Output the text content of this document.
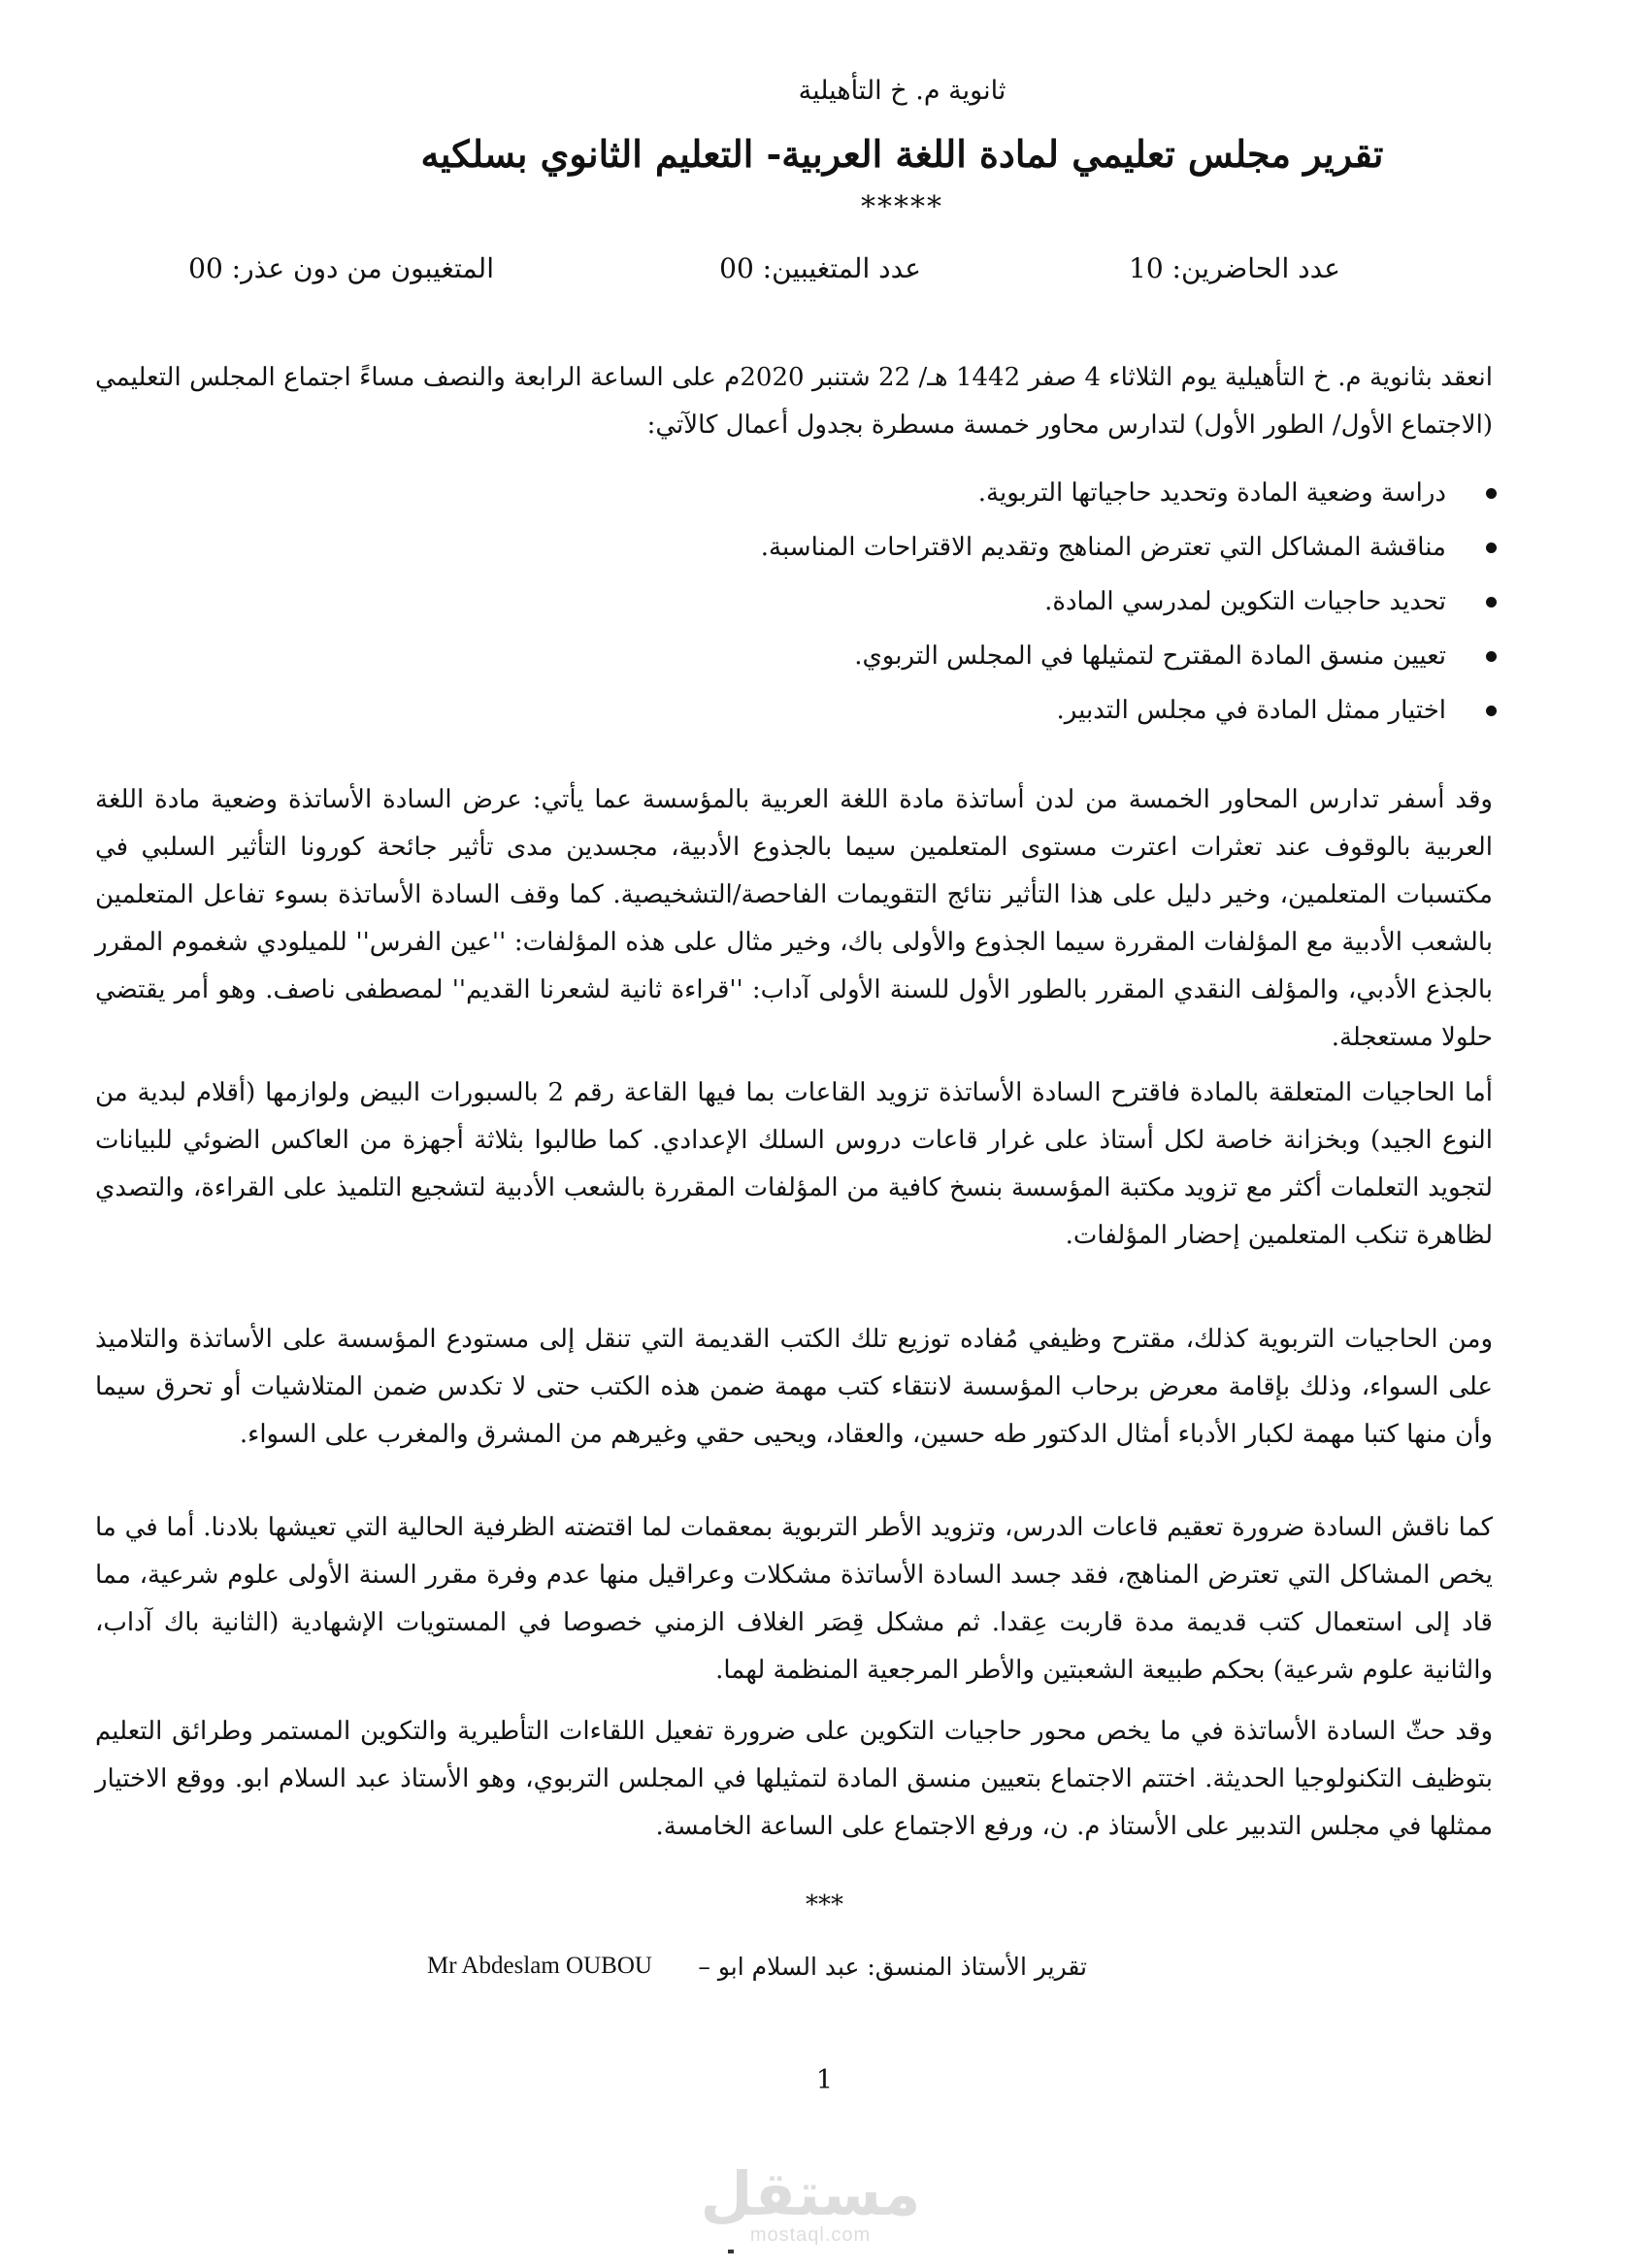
ثانوية م. خ التأهيلية
تقرير مجلس تعليمي لمادة اللغة العربية- التعليم الثانوي بسلكيه
*****
عدد الحاضرين: 10
عدد المتغيبين: 00
المتغيبون من دون عذر: 00
انعقد بثانوية م. خ التأهيلية يوم الثلاثاء 4 صفر 1442 هـ/ 22 شتنبر 2020م على الساعة الرابعة والنصف مساءً اجتماع المجلس التعليمي (الاجتماع الأول/ الطور الأول) لتدارس محاور خمسة مسطرة بجدول أعمال كالآتي:
دراسة وضعية المادة وتحديد حاجياتها التربوية.
مناقشة المشاكل التي تعترض المناهج وتقديم الاقتراحات المناسبة.
تحديد حاجيات التكوين لمدرسي المادة.
تعيين منسق المادة المقترح لتمثيلها في المجلس التربوي.
اختيار ممثل المادة في مجلس التدبير.
وقد أسفر تدارس المحاور الخمسة من لدن أساتذة مادة اللغة العربية بالمؤسسة عما يأتي: عرض السادة الأساتذة وضعية مادة اللغة العربية بالوقوف عند تعثرات اعترت مستوى المتعلمين سيما بالجذوع الأدبية، مجسدين مدى تأثير جائحة كورونا التأثير السلبي في مكتسبات المتعلمين، وخير دليل على هذا التأثير نتائج التقويمات الفاحصة/التشخيصية. كما وقف السادة الأساتذة بسوء تفاعل المتعلمين بالشعب الأدبية مع المؤلفات المقررة سيما الجذوع والأولى باك، وخير مثال على هذه المؤلفات: ''عين الفرس'' للميلودي شغموم المقرر بالجذع الأدبي، والمؤلف النقدي المقرر بالطور الأول للسنة الأولى آداب: ''قراءة ثانية لشعرنا القديم'' لمصطفى ناصف. وهو أمر يقتضي حلولا مستعجلة.
أما الحاجيات المتعلقة بالمادة فاقترح السادة الأساتذة تزويد القاعات بما فيها القاعة رقم 2 بالسبورات البيض ولوازمها (أقلام لبدية من النوع الجيد) وبخزانة خاصة لكل أستاذ على غرار قاعات دروس السلك الإعدادي. كما طالبوا بثلاثة أجهزة من العاكس الضوئي للبيانات لتجويد التعلمات أكثر مع تزويد مكتبة المؤسسة بنسخ كافية من المؤلفات المقررة بالشعب الأدبية لتشجيع التلميذ على القراءة، والتصدي لظاهرة تنكب المتعلمين إحضار المؤلفات.
ومن الحاجيات التربوية كذلك، مقترح وظيفي مُفاده توزيع تلك الكتب القديمة التي تنقل إلى مستودع المؤسسة على الأساتذة والتلاميذ على السواء، وذلك بإقامة معرض برحاب المؤسسة لانتقاء كتب مهمة ضمن هذه الكتب حتى لا تكدس ضمن المتلاشيات أو تحرق سيما وأن منها كتبا مهمة لكبار الأدباء أمثال الدكتور طه حسين، والعقاد، ويحيى حقي وغيرهم من المشرق والمغرب على السواء.
كما ناقش السادة ضرورة تعقيم قاعات الدرس، وتزويد الأطر التربوية بمعقمات لما اقتضته الظرفية الحالية التي تعيشها بلادنا. أما في ما يخص المشاكل التي تعترض المناهج، فقد جسد السادة الأساتذة مشكلات وعراقيل منها عدم وفرة مقرر السنة الأولى علوم شرعية، مما قاد إلى استعمال كتب قديمة مدة قاربت عِقدا. ثم مشكل قِصَر الغلاف الزمني خصوصا في المستويات الإشهادية (الثانية باك آداب، والثانية علوم شرعية) بحكم طبيعة الشعبتين والأطر المرجعية المنظمة لهما.
وقد حثّ السادة الأساتذة في ما يخص محور حاجيات التكوين على ضرورة تفعيل اللقاءات التأطيرية والتكوين المستمر وطرائق التعليم بتوظيف التكنولوجيا الحديثة. اختتم الاجتماع بتعيين منسق المادة لتمثيلها في المجلس التربوي، وهو الأستاذ عبد السلام ابو. ووقع الاختيار ممثلها في مجلس التدبير على الأستاذ م. ن، ورفع الاجتماع على الساعة الخامسة.
***
تقرير الأستاذ المنسق: عبد السلام ابو –
Mr Abdeslam OUBOU
1
مستقل
mostaql.com
